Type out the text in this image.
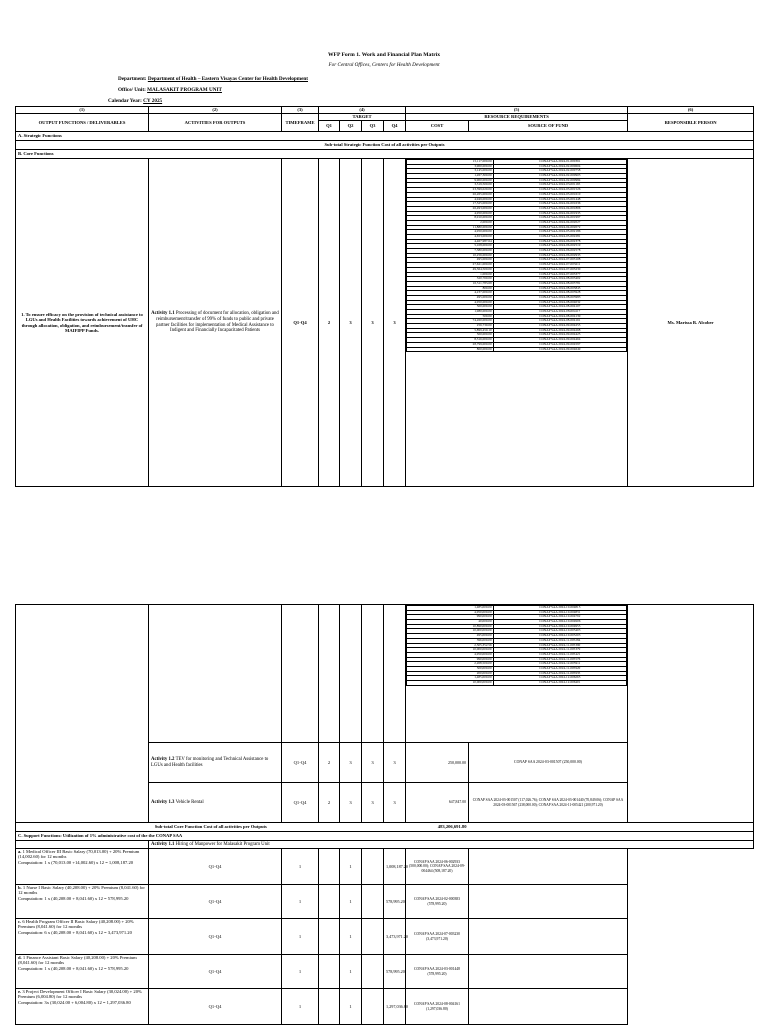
WFP Form 1. Work and Financial Plan Matrix
For Central Offices, Centers for Health Development
Department: Department of Health – Eastern Visayas Center for Health Development
Office/ Unit: MALASAKIT PROGRAM UNIT
Calendar Year: CY 2025
(1)	(2)	(3)	(4)	(5)	(6)
OUTPUT FUNCTIONS / DELIVERABLES	ACTIVITIES FOR OUTPUTS	TIMEFRAME	TARGET	RESOURCE REQUIREMENTS	RESPONSIBLE PERSON
Q1	Q2	Q3	Q4	COST	SOURCE OF FUND
A. Strategic Functions
Sub-total Strategic Function Cost of all activities per Outputs
B. Core Functions
1. To ensure efficacy on the provision of technical assistance to LGUs and Health Facilities towards achievement of UHC through allocation, obligation, and reimbursement/transfer of MAIFIPP Funds.	Activity 1.1 Processing of document for allocation, obligation and reimbursement/transfer of 99% of funds to public and private partner facilities for implementation of Medical Assistance to Indigent and Financially Incapacitated Patients	Q1-Q4	2	3	3	3	
15,117,000.00	CONAP SAA 2024-01-000361
3,900,000.00	CONAP SAA 2024-02-000604
3,145,000.00	CONAP SAA 2024-02-000758
1,267,300.00	CONAP SAA 2024-02-000903
9,900,000.00	CONAP SAA 2024-02-000984
3,319,500.00	CONAP SAA 2024-03-001165
23,399,020.00	CONAP SAA 2024-03-001526
26,265,000.00	CONAP SAA 2024-03-001610
4,949,000.00	CONAP SAA 2024-03-001448
17,325,000.00	CONAP SAA 2024-04-001636
26,493,000.00	CONAP SAA 2024-04-001806
4,950,000.00	CONAP SAA 2024-04-001935
8,910,000.00	CONAP SAA 2024-04-001997
2,000.00	CONAP SAA 2024-04-002027
11,880,000.00	CONAP SAA 2024-04-002072
4,950,000.00	CONAP SAA 2024-05-002186
4,653,000.00	CONAP SAA 2024-05-002281
4,467,987.64	CONAP SAA 2024-06-002378
5,108,000.00	CONAP SAA 2024-06-002519
7,380,000.00	CONAP SAA 2024-06-002578
10,256,000.00	CONAP SAA 2024-06-002933
495,000.00	CONAP SAA 2024-07-003108
27,621,000.00	CONAP SAA 2024-07-003211
49,364,500.00	CONAP SAA 2024-07-003230
1,000.00	CONAP SAA 2024-07-003377
320,760.00	CONAP SAA 2024-08-003402
10,511,783.69	CONAP SAA 2024-08-003781
800.00	CONAP SAA 2024-08-003845
4,237,000.00	CONAP SAA 2024-08-003928
495,000.00	CONAP SAA 2024-08-003983
4,950,000.00	CONAP SAA 2024-08-004032
500,000.00	CONAP SAA 2024-08-004107
1,980,000.00	CONAP SAA 2024-08-004117
500.00	CONAP SAA 2024-08-004139
74,260,000.00	CONAP SAA 2024-08-004161
256,730.00	CONAP SAA 2024-09-004255
5,899,450.10	CONAP SAA 2024-09-004268
500,000.00	CONAP SAA 2024-09-004425
8,316,000.00	CONAP SAA 2024-09-004464
28,799,000.00	CONAP SAA 2024-09-004597
800,000.00	CONAP SAA 2024-09-004649
	Ms. Marissa B. Alcober

1,485,000.00	CONAP SAA 2024-10-004815
4,950,000.00	CONAP SAA 2024-10-004831
990,000.00	CONAP SAA 2024-10-004792
40,000.00	CONAP SAA 2024-10-004906
10,890,000.00	CONAP SAA 2024-10-004955
10,000,000.00	CONAP SAA 2024-10-005403
495,000.00	CONAP SAA 2024-10-005203
396,000.00	CONAP SAA 2024-11-005284
2,505,352.56	CONAP SAA 2024-11-005390
10,000,000.00	CONAP SAA 2024-11-005379
4,950,000.00	CONAP SAA 2024-11-005421
990,000.00	CONAP SAA 2024-11-005576
2,268,500.00	CONAP SAA 2024-12-005911
500,000.00	CONAP SAA 2024-11-005920
200,000.00	CONAP SAA 2024-11-005935
1,485,000.00	CONAP SAA 2024-12-006265
10,000,000.00	CONAP SAA 2024-12-006401

Activity 1.2 TEV for monitoring and Technical Assistance to LGUs and Health facilities	Q1-Q4	2	3	3	3	250,000.00	CONAP SAA 2024-03-001507 (250,000.00)
Activity 1.3 Vehicle Rental	Q1-Q4	2	3	3	3	647,847.00	CONAP SAA 2024-03-001507 (117,026.76); CONAP SAA 2024-03-001440 (70,849.06); CONAP SAA 2024-03-001567 (238,000.00); CONAP SAA 2024-11-005421 (200,971.20)
Sub-total Core Function Cost of all activities per Outputs	483,206,691.80	
C. Support Functions: Utilization of 1% administrative cost of the the CONAP SAA
	Activity 1.1 Hiring of Manpower for Malasakit Program Unit
a. 1 Medical Officer III Basic Salary (70,013.00) + 20% Premium (14,002.60) for 12 months
Computation: 1 x (70,013.00 +14,002.60) x 12 = 1,008,187.20	Q1-Q4	1		1		1,008,187.20	CONAP SAA 2024-06-002933 (500,000.00); CONAP SAA 2024-09-004464 (508,187.20)	
b. 1 Nurse I Basic Salary (40,208.00) + 20% Premium (8,041.60) for 12 months
Computation: 1 x (40,208.00 + 8,041.60) x 12 = 578,995.20	Q1-Q4	1		1		578,995.20	CONAP SAA 2024-02-000383 (578,995.20)	
c. 6 Health Program Officer II Basic Salary (40,208.00) + 20% Premium (8,041.60) for 12 months
Computation: 6 x (40,208.00 + 8,041.60) x 12 = 3,473,971.20	Q1-Q4	1		1		3,473,971.20	CONAP SAA 2024-07-003230 (3,473,971.20)	
d. 1 Finance Assistant Basic Salary (40,208.00) + 20% Premium (8,041.60) for 12 months
Computation: 1 x (40,208.00 + 8,041.60) x 12 = 578,995.20	Q1-Q4	1		1		578,995.20	CONAP SAA 2024-03-001448 (578,995.20)	
e. 3 Project Development Officer I Basic Salary (30,024.00) + 20% Premium (6,004.80) for 12 months
Computation: 3x (30,024.00 + 6,004.80) x 12 = 1,297,036.80	Q1-Q4	1		1		1,297,036.80	CONAP SAA 2024-08-004161 (1,297,036.80)	
